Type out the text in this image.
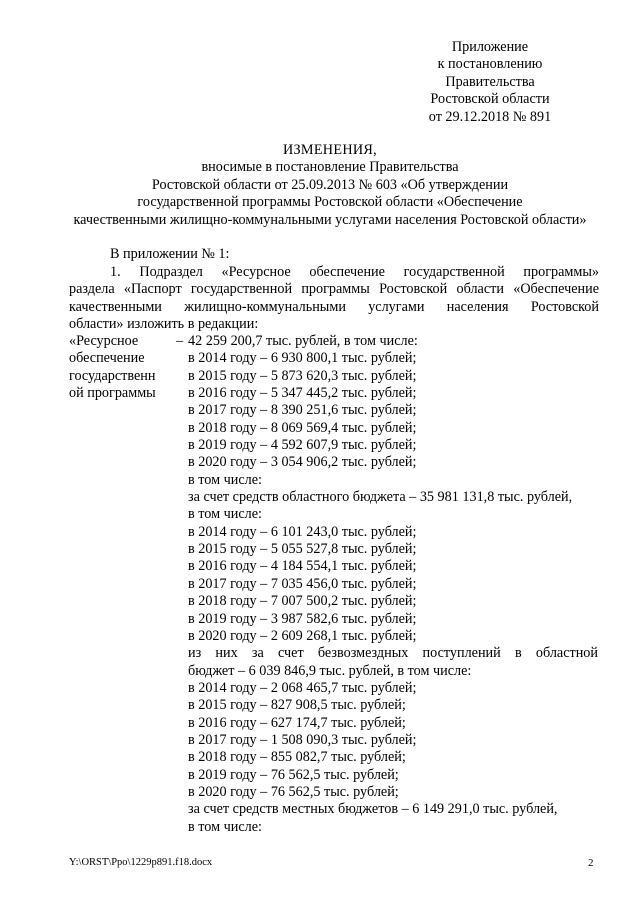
Приложение
к постановлению
Правительства
Ростовской области
от 29.12.2018 № 891
ИЗМЕНЕНИЯ,
вносимые в постановление Правительства
Ростовской области от 25.09.2013 № 603 «Об утверждении
государственной программы Ростовской области «Обеспечение
качественными жилищно-коммунальными услугами населения Ростовской области»
В приложении № 1:
1. Подраздел «Ресурсное обеспечение государственной программы»
раздела «Паспорт государственной программы Ростовской области «Обеспечение
качественными жилищно-коммунальными услугами населения Ростовской
области» изложить в редакции:
«Ресурсное
обеспечение
государственн
ой программы
– 42 259 200,7 тыс. рублей, в том числе:
в 2014 году – 6 930 800,1 тыс. рублей;
в 2015 году – 5 873 620,3 тыс. рублей;
в 2016 году – 5 347 445,2 тыс. рублей;
в 2017 году – 8 390 251,6 тыс. рублей;
в 2018 году – 8 069 569,4 тыс. рублей;
в 2019 году – 4 592 607,9 тыс. рублей;
в 2020 году – 3 054 906,2 тыс. рублей;
в том числе:
за счет средств областного бюджета – 35 981 131,8 тыс. рублей,
в том числе:
в 2014 году – 6 101 243,0 тыс. рублей;
в 2015 году – 5 055 527,8 тыс. рублей;
в 2016 году – 4 184 554,1 тыс. рублей;
в 2017 году – 7 035 456,0 тыс. рублей;
в 2018 году – 7 007 500,2 тыс. рублей;
в 2019 году – 3 987 582,6 тыс. рублей;
в 2020 году – 2 609 268,1 тыс. рублей;
из них за счет безвозмездных поступлений в областной
бюджет – 6 039 846,9 тыс. рублей, в том числе:
в 2014 году – 2 068 465,7 тыс. рублей;
в 2015 году – 827 908,5 тыс. рублей;
в 2016 году – 627 174,7 тыс. рублей;
в 2017 году – 1 508 090,3 тыс. рублей;
в 2018 году – 855 082,7 тыс. рублей;
в 2019 году – 76 562,5 тыс. рублей;
в 2020 году – 76 562,5 тыс. рублей;
за счет средств местных бюджетов – 6 149 291,0 тыс. рублей,
в том числе:
Y:\ORST\Ppo\1229p891.f18.docx	2
